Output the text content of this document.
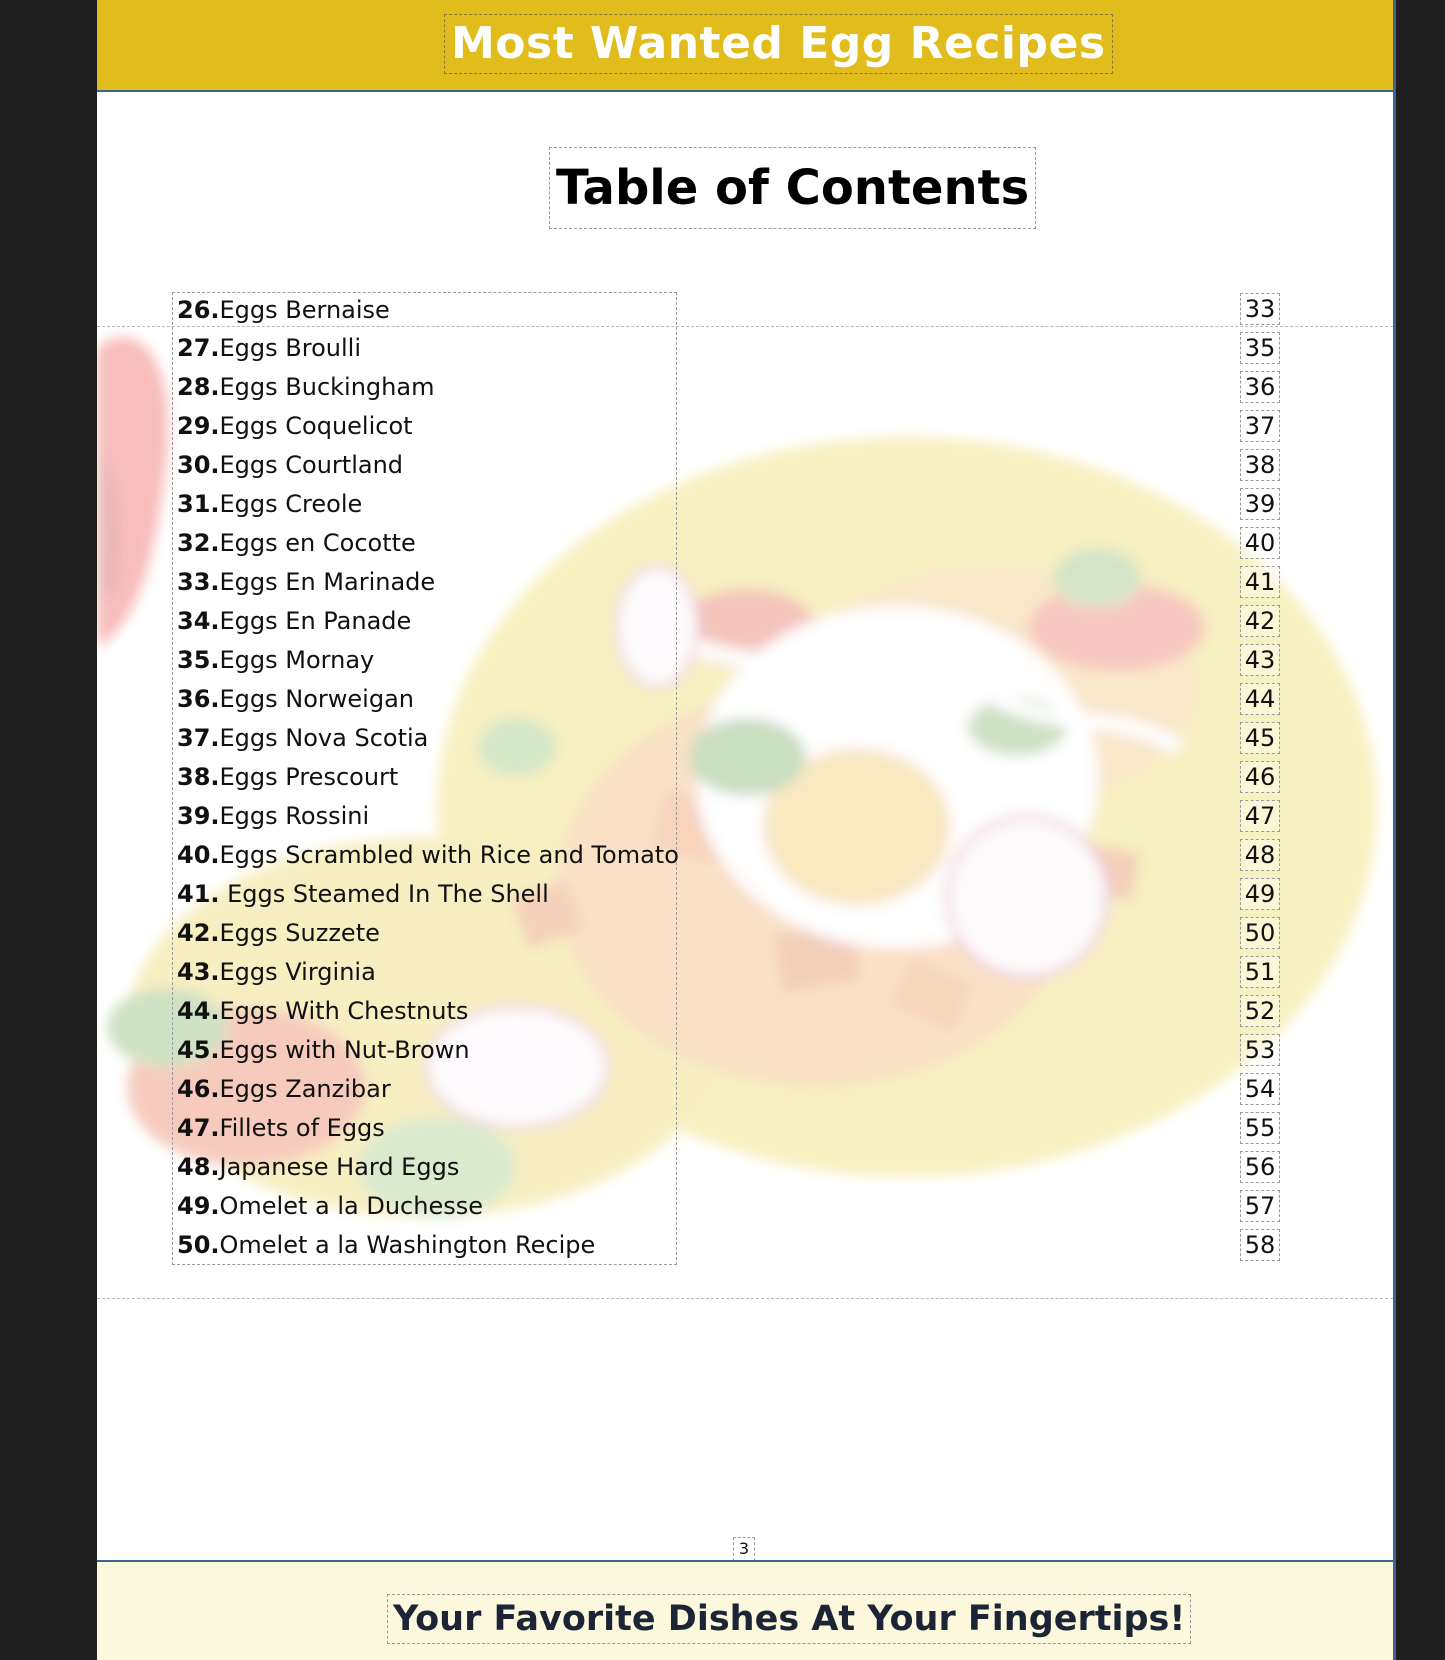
Most Wanted Egg Recipes
Table of Contents
26.Eggs Bernaise
27.Eggs Broulli
28.Eggs Buckingham
29.Eggs Coquelicot
30.Eggs Courtland
31.Eggs Creole
32.Eggs en Cocotte
33.Eggs En Marinade
34.Eggs En Panade
35.Eggs Mornay
36.Eggs Norweigan
37.Eggs Nova Scotia
38.Eggs Prescourt
39.Eggs Rossini
40.Eggs Scrambled with Rice and Tomato
41. Eggs Steamed In The Shell
42.Eggs Suzzete
43.Eggs Virginia
44.Eggs With Chestnuts
45.Eggs with Nut-Brown
46.Eggs Zanzibar
47.Fillets of Eggs
48.Japanese Hard Eggs
49.Omelet a la Duchesse
50.Omelet a la Washington Recipe
33
35
36
37
38
39
40
41
42
43
44
45
46
47
48
49
50
51
52
53
54
55
56
57
58
3
Your Favorite Dishes At Your Fingertips!
